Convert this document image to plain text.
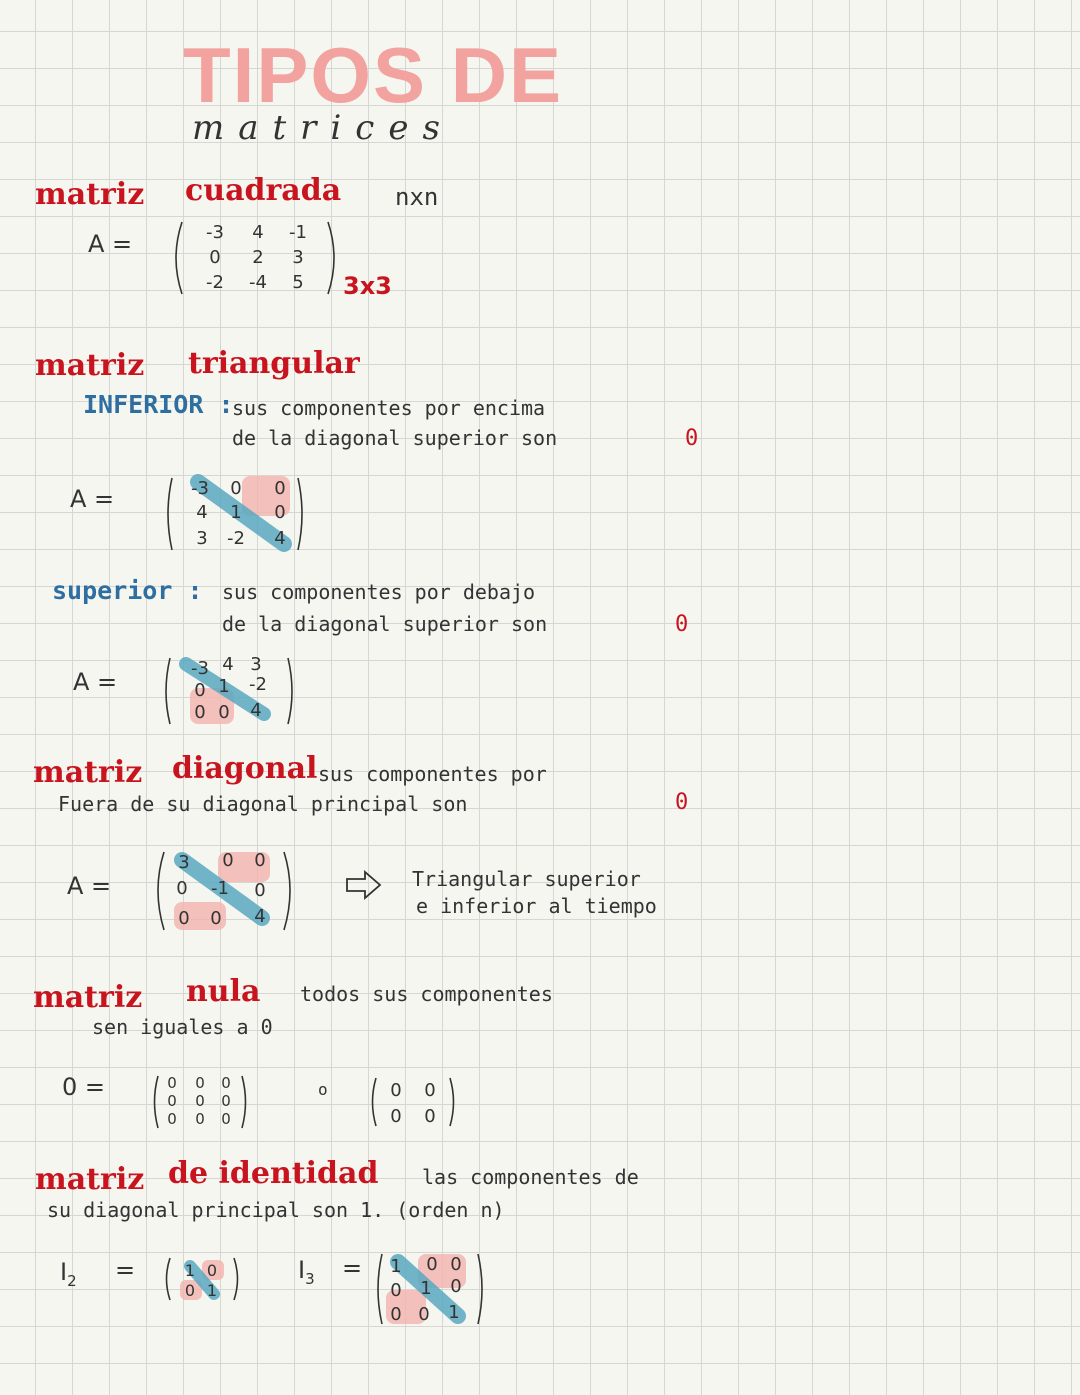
TIPOS DE
matrices
matriz cuadrada nxn
A =	-3 4 -1
0 2 3
-2 -4 5 3x3
matriz triangular
INFERIOR :
sus componentes por encima
de la diagonal superior son	0
A =	-3 0 0
4 1 0
3 -2 4
superior : sus componentes por debajo
de la diagonal superior son	0
A =	-3 4 3
0 1 -2
0 0 4
matriz diagonal sus componentes por
Fuera de su diagonal principal son	0
A =
3 0 0
0 -1 0
0 0 4
Triangular superior
e inferior al tiempo
matriz nula todos sus componentes
sen iguales a 0
0 =	0 0 0
0 0 0
0 0 0
o	0 0
0 0
matriz de identidad las componentes de
su diagonal principal son 1. (orden n)
$I_2$ =	1 0
0 1
$I_3 = 1$ 0 0
0 1 0
0 0 1
